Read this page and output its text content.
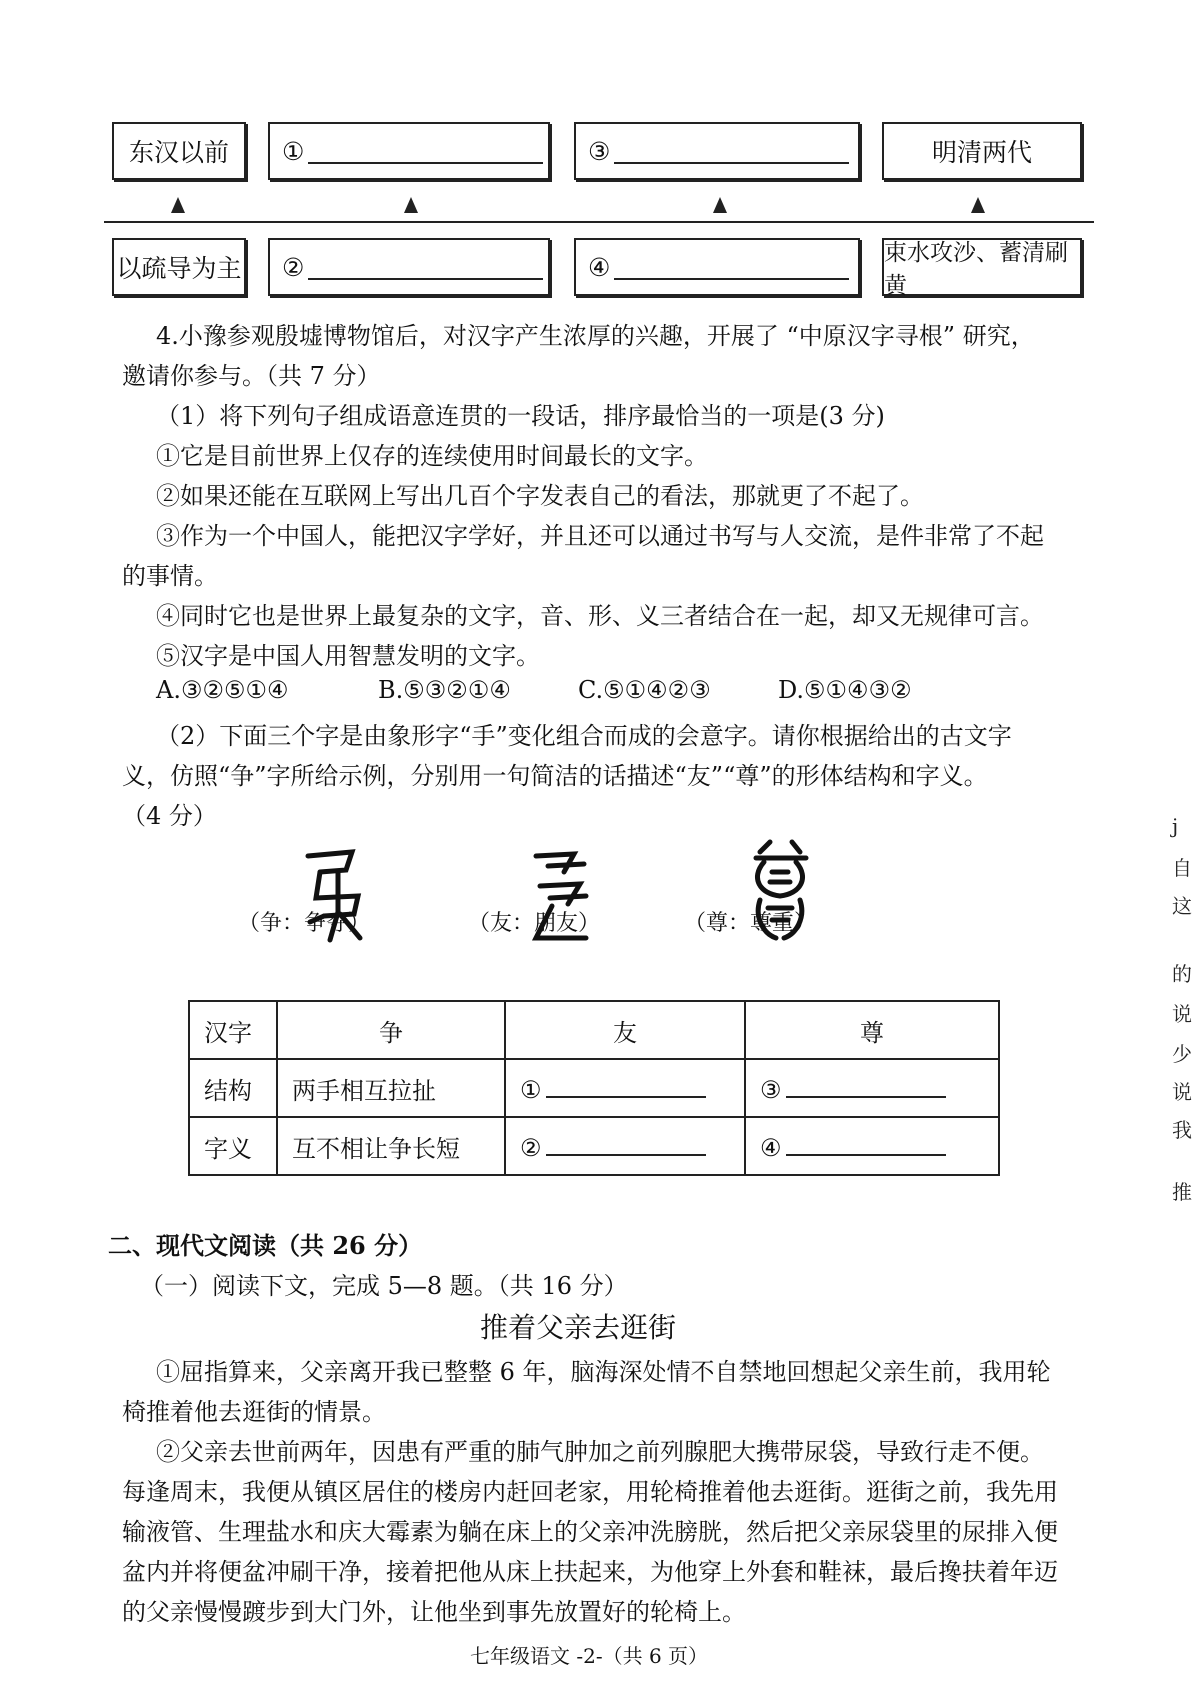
东汉以前 ①	③	明清两代
以疏导为主 ②	④	束水攻沙、蓄清刷黄
4.小豫参观殷墟博物馆后，对汉字产生浓厚的兴趣，开展了 “中原汉字寻根” 研究，
邀请你参与。（共 7 分）
（1）将下列句子组成语意连贯的一段话，排序最恰当的一项是(3 分)
①它是目前世界上仅存的连续使用时间最长的文字。
②如果还能在互联网上写出几百个字发表自己的看法，那就更了不起了。
③作为一个中国人，能把汉字学好，并且还可以通过书写与人交流，是件非常了不起
的事情。
④同时它也是世界上最复杂的文字，音、形、义三者结合在一起，却又无规律可言。
⑤汉字是中国人用智慧发明的文字。
A.③②⑤①④	B.⑤③②①④	C.⑤①④②③	D.⑤①④③②
（2）下面三个字是由象形字“手”变化组合而成的会意字。请你根据给出的古文字
义，仿照“争”字所给示例，分别用一句简洁的话描述“友”“尊”的形体结构和字义。
（4 分）
（争：争夺）	（友：朋友）	（尊：尊重）
汉字	争	友	尊
结构	两手相互拉扯	①	③
字义	互不相让争长短	②	④
二、现代文阅读（共 26 分）
（一）阅读下文，完成 5—8 题。（共 16 分）
推着父亲去逛街
①屈指算来，父亲离开我已整整 6 年，脑海深处情不自禁地回想起父亲生前，我用轮
椅推着他去逛街的情景。
②父亲去世前两年，因患有严重的肺气肿加之前列腺肥大携带尿袋，导致行走不便。
每逢周末，我便从镇区居住的楼房内赶回老家，用轮椅推着他去逛街。逛街之前，我先用
输液管、生理盐水和庆大霉素为躺在床上的父亲冲洗膀胱，然后把父亲尿袋里的尿排入便
盆内并将便盆冲刷干净，接着把他从床上扶起来，为他穿上外套和鞋袜，最后搀扶着年迈
的父亲慢慢踱步到大门外，让他坐到事先放置好的轮椅上。
七年级语文 -2-（共 6 页）
j
自
这
的
说
少
说
我
推
